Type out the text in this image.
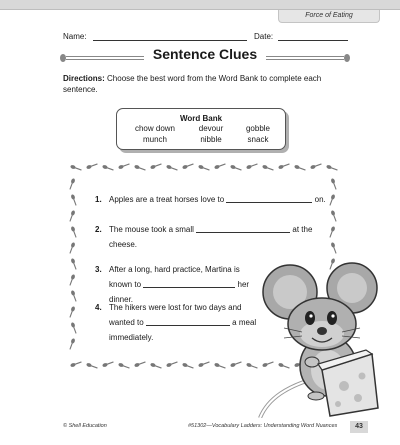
Force of Eating
Name:	Date:
Sentence Clues
Directions: Choose the best word from the Word Bank to complete each sentence.
Word Bank
chow down	devour	gobble
munch	nibble	snack
1. Apples are a treat horses love to	on.
2. The mouse took a small	at the cheese.
3. After a long, hard practice, Martina is known to	her dinner.
4. The hikers were lost for two days and wanted to	a meal immediately.
© Shell Education	#51302—Vocabulary Ladders: Understanding Word Nuances	43
